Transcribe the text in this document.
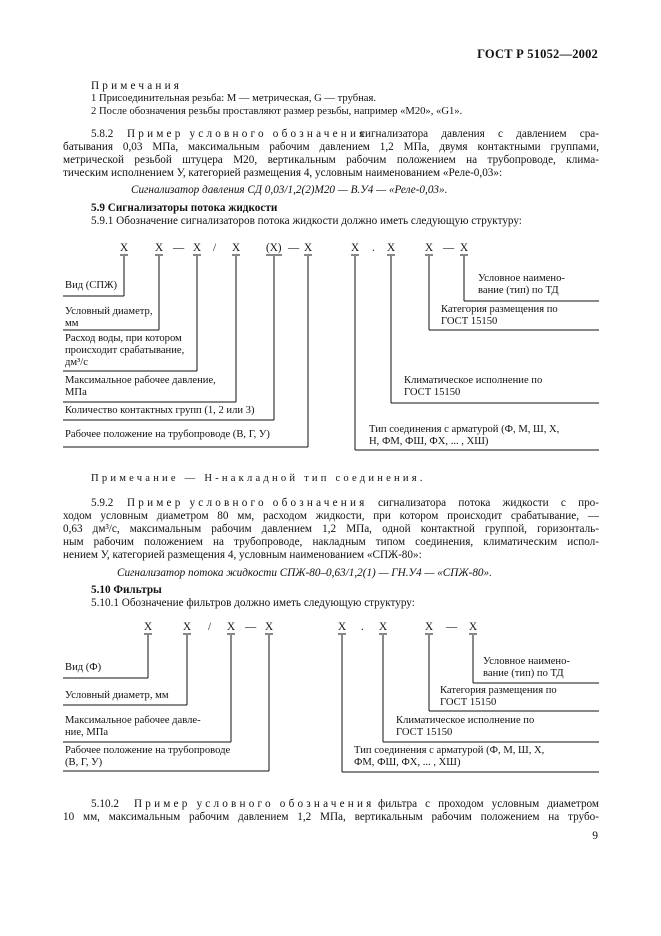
ГОСТ Р 51052—2002
Примечания
1 Присоединительная резьба: М — метрическая, G — трубная.
2 После обозначения резьбы проставляют размер резьбы, например «М20», «G1».
5.8.2 Пример условного обозначения
сигнализатора давления с давлением сра-
батывания 0,03 МПа, максимальным рабочим давлением 1,2 МПа, двумя контактными группами,
метрической резьбой штуцера М20, вертикальным рабочим положением на трубопроводе, клима-
тическим исполнением У, категорией размещения 4, условным наименованием «Реле-0,03»:
Сигнализатор давления СД 0,03/1,2(2)М20 — В.У4 — «Реле-0,03».
5.9 Сигнализаторы потока жидкости
5.9.1 Обозначение сигнализаторов потока жидкости должно иметь следующую структуру:
Х Х — Х / Х (Х) — Х	Х . Х	Х — Х
Вид (СПЖ)
Условный диаметр,
мм
Расход воды, при котором
происходит срабатывание,
дм³/с
Максимальное рабочее давление,
МПа
Количество контактных групп (1, 2 или 3)
Рабочее положение на трубопроводе (В, Г, У)
Условное наимено-
вание (тип) по ТД
Категория размещения по
ГОСТ 15150
Климатическое исполнение по
ГОСТ 15150
Тип соединения с арматурой (Ф, М, Ш, Х,
Н, ФМ, ФШ, ФХ, ... , ХШ)
Примечание — Н-накладной тип соединения.
5.9.2 Пример условного обозначения сигнализатора потока жидкости с про-
ходом условным диаметром 80 мм, расходом жидкости, при котором происходит срабатывание, —
0,63 дм³/с, максимальным рабочим давлением 1,2 МПа, одной контактной группой, горизонталь-
ным рабочим положением на трубопроводе, накладным типом соединения, климатическим испол-
нением У, категорией размещения 4, условным наименованием «СПЖ-80»:
Сигнализатор потока жидкости СПЖ-80–0,63/1,2(1) — ГН.У4 — «СПЖ-80».
5.10 Фильтры
5.10.1 Обозначение фильтров должно иметь следующую структуру:
Х	Х / Х — Х	Х . Х	Х — Х
Вид (Ф)
Условный диаметр, мм
Максимальное рабочее давле-
ние, МПа
Рабочее положение на трубопроводе
(В, Г, У)
Условное наимено-
вание (тип) по ТД
Категория размещения по
ГОСТ 15150
Климатическое исполнение по
ГОСТ 15150
Тип соединения с арматурой (Ф, М, Ш, Х,
ФМ, ФШ, ФХ, ... , ХШ)
5.10.2 Пример условного обозначения фильтра с проходом условным диаметром
10 мм, максимальным рабочим давлением 1,2 МПа, вертикальным рабочим положением на трубо-
9
